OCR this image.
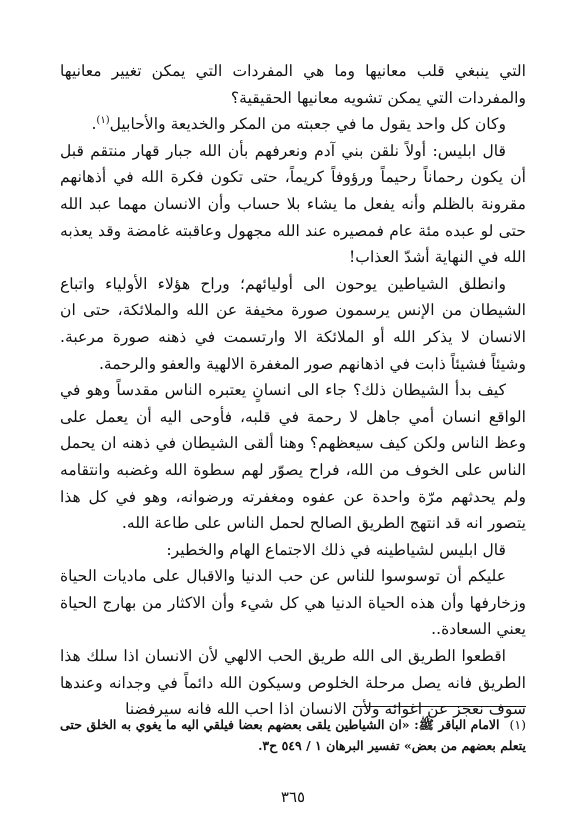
التي ينبغي قلب معانيها وما هي المفردات التي يمكن تغيير معانيها والمفردات التي يمكن تشويه معانيها الحقيقية؟

وكان كل واحد يقول ما في جعبته من المكر والخديعة والأحابيل$^{(١)}$.

قال ابليس: أولاً نلقن بني آدم ونعرفهم بأن الله جبار قهار منتقم قبل أن يكون رحماناً رحيماً ورؤوفاً كريماً، حتى تكون فكرة الله في أذهانهم مقرونة بالظلم وأنه يفعل ما يشاء بلا حساب وأن الانسان مهما عبد الله حتى لو عبده مئة عام فمصيره عند الله مجهول وعاقبته غامضة وقد يعذبه الله في النهاية أشدّ العذاب!

وانطلق الشياطين يوحون الى أوليائهم؛ وراح هؤلاء الأولياء واتباع الشيطان من الإنس يرسمون صورة مخيفة عن الله والملائكة، حتى ان الانسان لا يذكر الله أو الملائكة الا وارتسمت في ذهنه صورة مرعبة. وشيئاً فشيئاً ذابت في اذهانهم صور المغفرة الالهية والعفو والرحمة.

كيف بدأ الشيطان ذلك؟ جاء الى انسانٍ يعتبره الناس مقدساً وهو في الواقع انسان أمي جاهل لا رحمة في قلبه، فأوحى اليه أن يعمل على وعظ الناس ولكن كيف سيعظهم؟ وهنا ألقى الشيطان في ذهنه ان يحمل الناس على الخوف من الله، فراح يصوّر لهم سطوة الله وغضبه وانتقامه ولم يحدثهم مرّة واحدة عن عفوه ومغفرته ورضوانه، وهو في كل هذا يتصور انه قد انتهج الطريق الصالح لحمل الناس على طاعة الله.

قال ابليس لشياطينه في ذلك الاجتماع الهام والخطير:

عليكم أن توسوسوا للناس عن حب الدنيا والاقبال على ماديات الحياة وزخارفها وأن هذه الحياة الدنيا هي كل شيء وأن الاكثار من بهارج الحياة يعني السعادة..

اقطعوا الطريق الى الله طريق الحب الالهي لأن الانسان اذا سلك هذا الطريق فانه يصل مرحلة الخلوص وسيكون الله دائماً في وجدانه وعندها سوف نعجز عن اغوائه ولأن الانسان اذا احب الله فانه سيرفضنا

(١)الامام الباقر ﷺ: «ان الشياطين يلقى بعضهم بعضا فيلقي اليه ما يغوي به الخلق حتى يتعلم بعضهم من بعض» تفسير البرهان ١ / ٥٤٩ ح٣.
٣٦٥
